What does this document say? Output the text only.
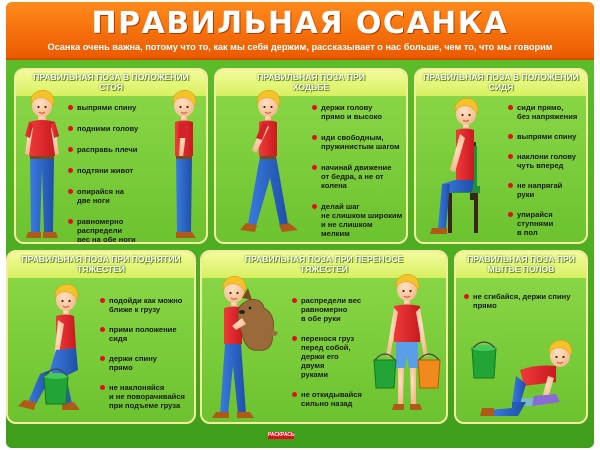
ПРАВИЛЬНАЯ ОСАНКА
Осанка очень важна, потому что то, как мы себя держим, рассказывает о нас больше, чем то, что мы говорим
ПРАВИЛЬНАЯ ПОЗА В ПОЛОЖЕНИИ
СТОЯ
выпрями спину
подними голову
расправь плечи
подтяни живот
опирайся на
две ноги
равномерно
распредели
вес на обе ноги
ПРАВИЛЬНАЯ ПОЗА ПРИ
ХОДЬБЕ
держи голову
прямо и высоко
иди свободным,
пружинистым шагом
начинай движение
от бедра, а не от
колена
делай шаг
не слишком широким
и не слишком
мелким
ПРАВИЛЬНАЯ ПОЗА В ПОЛОЖЕНИИ
СИДЯ
сиди прямо,
без напряжения
выпрями спину
наклони голову
чуть вперед
не напрягай
руки
упирайся
ступнями
в пол
ПРАВИЛЬНАЯ ПОЗА ПРИ ПОДНЯТИИ
ТЯЖЕСТЕЙ
подойди как можно
ближе к грузу
прими положение
сидя
держи спину
прямо
не наклоняйся
и не поворачивайся
при подъеме груза
ПРАВИЛЬНАЯ ПОЗА ПРИ ПЕРЕНОСЕ
ТЯЖЕСТЕЙ
распредели вес
равномерно
в обе руки
перенося груз
перед собой,
держи его
двумя
руками
не откидывайся
сильно назад
ПРАВИЛЬНАЯ ПОЗА ПРИ
МЫТЬЕ ПОЛОВ
не сгибайся, держи спину
прямо
РАСКРАСЬ
